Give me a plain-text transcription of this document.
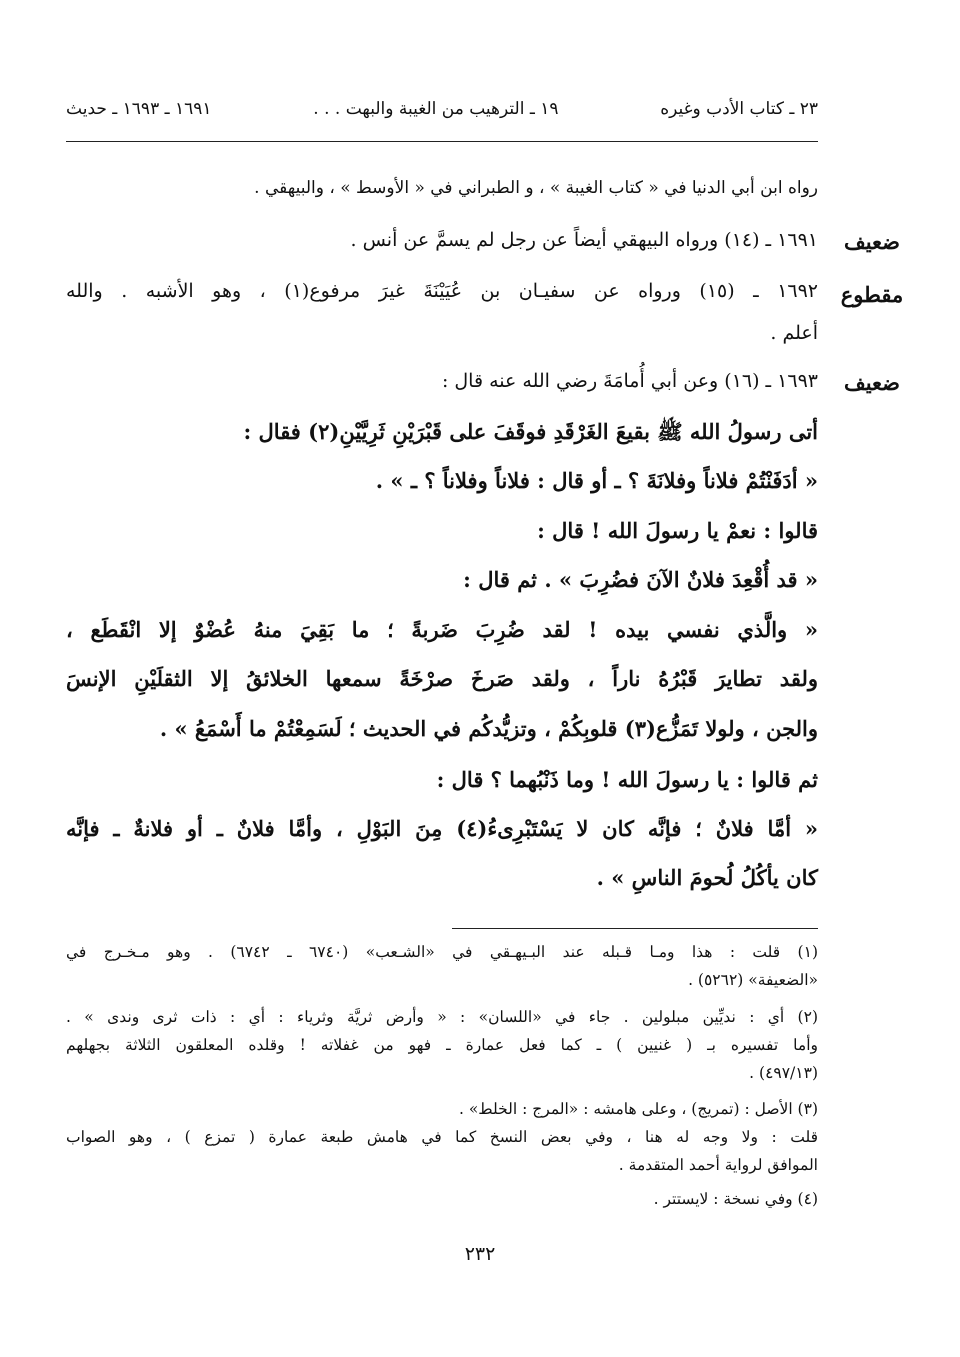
٢٣ ـ كتاب الأدب وغيره
١٩ ـ الترهيب من الغيبة والبهت . . .
١٦٩١ ـ ١٦٩٣ ـ حديث
رواه ابن أبي الدنيا في « كتاب الغيبة » ، و الطبراني في « الأوسط » ، والبيهقي .
ضعيف
١٦٩١ ـ (١٤) ورواه البيهقي أيضاً عن رجل لم يسمَّ عن أنس .
مقطوع
١٦٩٢ ـ (١٥) ورواه عن سفيـان بن عُيَيْنَةَ غيرَ مرفوع(١) ، وهو الأشبه . والله
أعلم .
ضعيف
١٦٩٣ ـ (١٦) وعن أبي أُمامَةَ رضي الله عنه قال :
أتى رسولُ الله ﷺ بقيعَ الغَرْقَدِ فوقَفَ على قَبْرَيْنِ ثَرِيَّيْنِ(٢) فقال :
« أدَفَنْتُمْ فلاناً وفلانَةَ ؟ ـ أو قال : فلاناً وفلاناً ؟ ـ » .
قالوا : نعمْ يا رسولَ الله ! قال :
« قد أُقْعِدَ فلانٌ الآنَ فضُرِبَ » . ثم قال :
« والَّذي نفسي بيده ! لقد ضُرِبَ ضَربةً ؛ ما بَقِيَ منهُ عُضْوٌ إلا انْقَطَع ،
ولقد تطايرَ قَبْرُهُ ناراً ، ولقد صَرخَ صرْخَةً سمعها الخلائقُ إلا الثقلَيْنِ الإنسَ
والجن ، ولولا تَمَزُّع(٣) قلوبِكُمْ ، وتزيُّدكُم في الحديث ؛ لَسَمِعْتُمْ ما أَسْمَعُ » .
ثم قالوا : يا رسولَ الله ! وما ذَنْبُهما ؟ قال :
« أمَّا فلانٌ ؛ فإنَّه كان لا يَسْتَبْرِىءُ(٤) مِنَ البَوْلِ ، وأمَّا فلانٌ ـ أو فلانةٌ ـ فإنَّه
كان يأكُلُ لُحومَ الناسِ » .
(١) قلت : هذا ومـا قـبله عند البـيهـقي في «الشـعب» (٦٧٤٠ ـ ٦٧٤٢) . وهو مـخـرج في
«الضعيفة» (٥٢٦٢) .
(٢) أي : نديِّين مبلولين . جاء في «اللسان» : « وأرض ثريَّة وثرياء : أي : ذات ثرى وندى » .
وأما تفسيره بـ ( غنيين ) ـ كما فعل عمارة ـ فهو من غفلاته ! وقلده المعلقون الثلاثة بجهلهم
(٤٩٧/١٣) .
(٣) الأصل : (تمريج) ، وعلى هامشه : «المرج : الخلط» .
قلت : ولا وجه له هنا ، وفي بعض النسخ كما في هامش طبعة عمارة ( تمزع ) ، وهو الصواب
الموافق لرواية أحمد المتقدمة .
(٤) وفي نسخة : لايستتر .
٢٣٢
